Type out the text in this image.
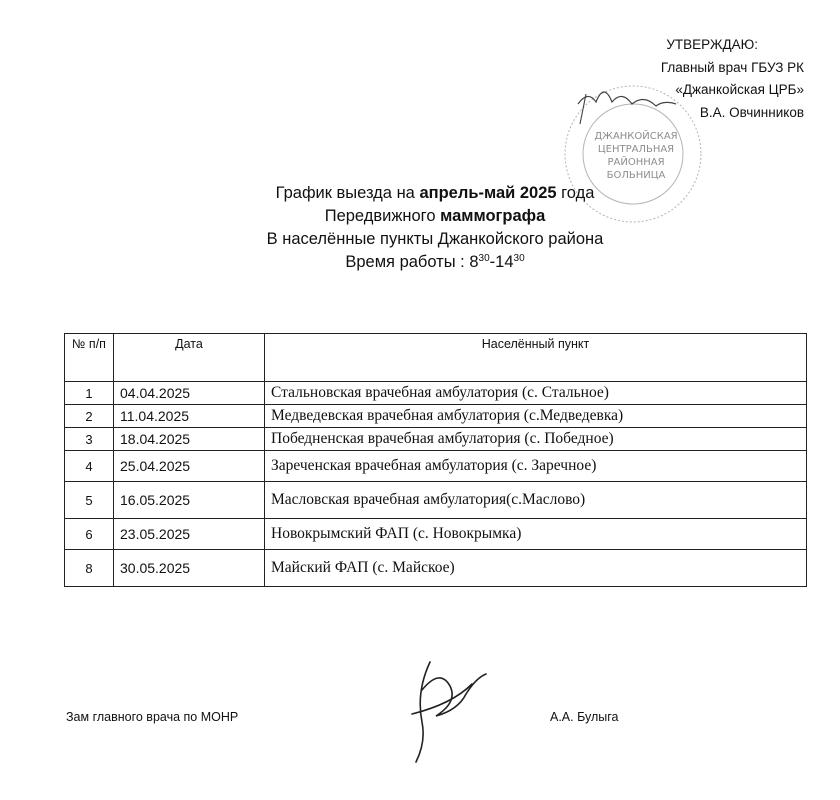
УТВЕРЖДАЮ:
Главный врач ГБУЗ РК
«Джанкойская ЦРБ»
В.А. Овчинников
ДЖАНКОЙСКАЯ
ЦЕНТРАЛЬНАЯ
РАЙОННАЯ
БОЛЬНИЦА
График выезда на апрель-май 2025 года
Передвижного маммографа
В населённые пункты Джанкойского района
Время работы : $8^{30}-14^{30}$
№ п/п	Дата	Населённый пункт
1	04.04.2025	Стальновская врачебная амбулатория (с. Стальное)
2	11.04.2025	Медведевская врачебная амбулатория (с.Медведевка)
3	18.04.2025	Победненская врачебная амбулатория (с. Победное)
4	25.04.2025	Зареченская врачебная амбулатория (с. Заречное)
5	16.05.2025	Масловская врачебная амбулатория(с.Маслово)
6	23.05.2025	Новокрымский ФАП (с. Новокрымка)
8	30.05.2025	Майский ФАП (с. Майское)
Зам главного врача по МОНР	А.А. Булыга
